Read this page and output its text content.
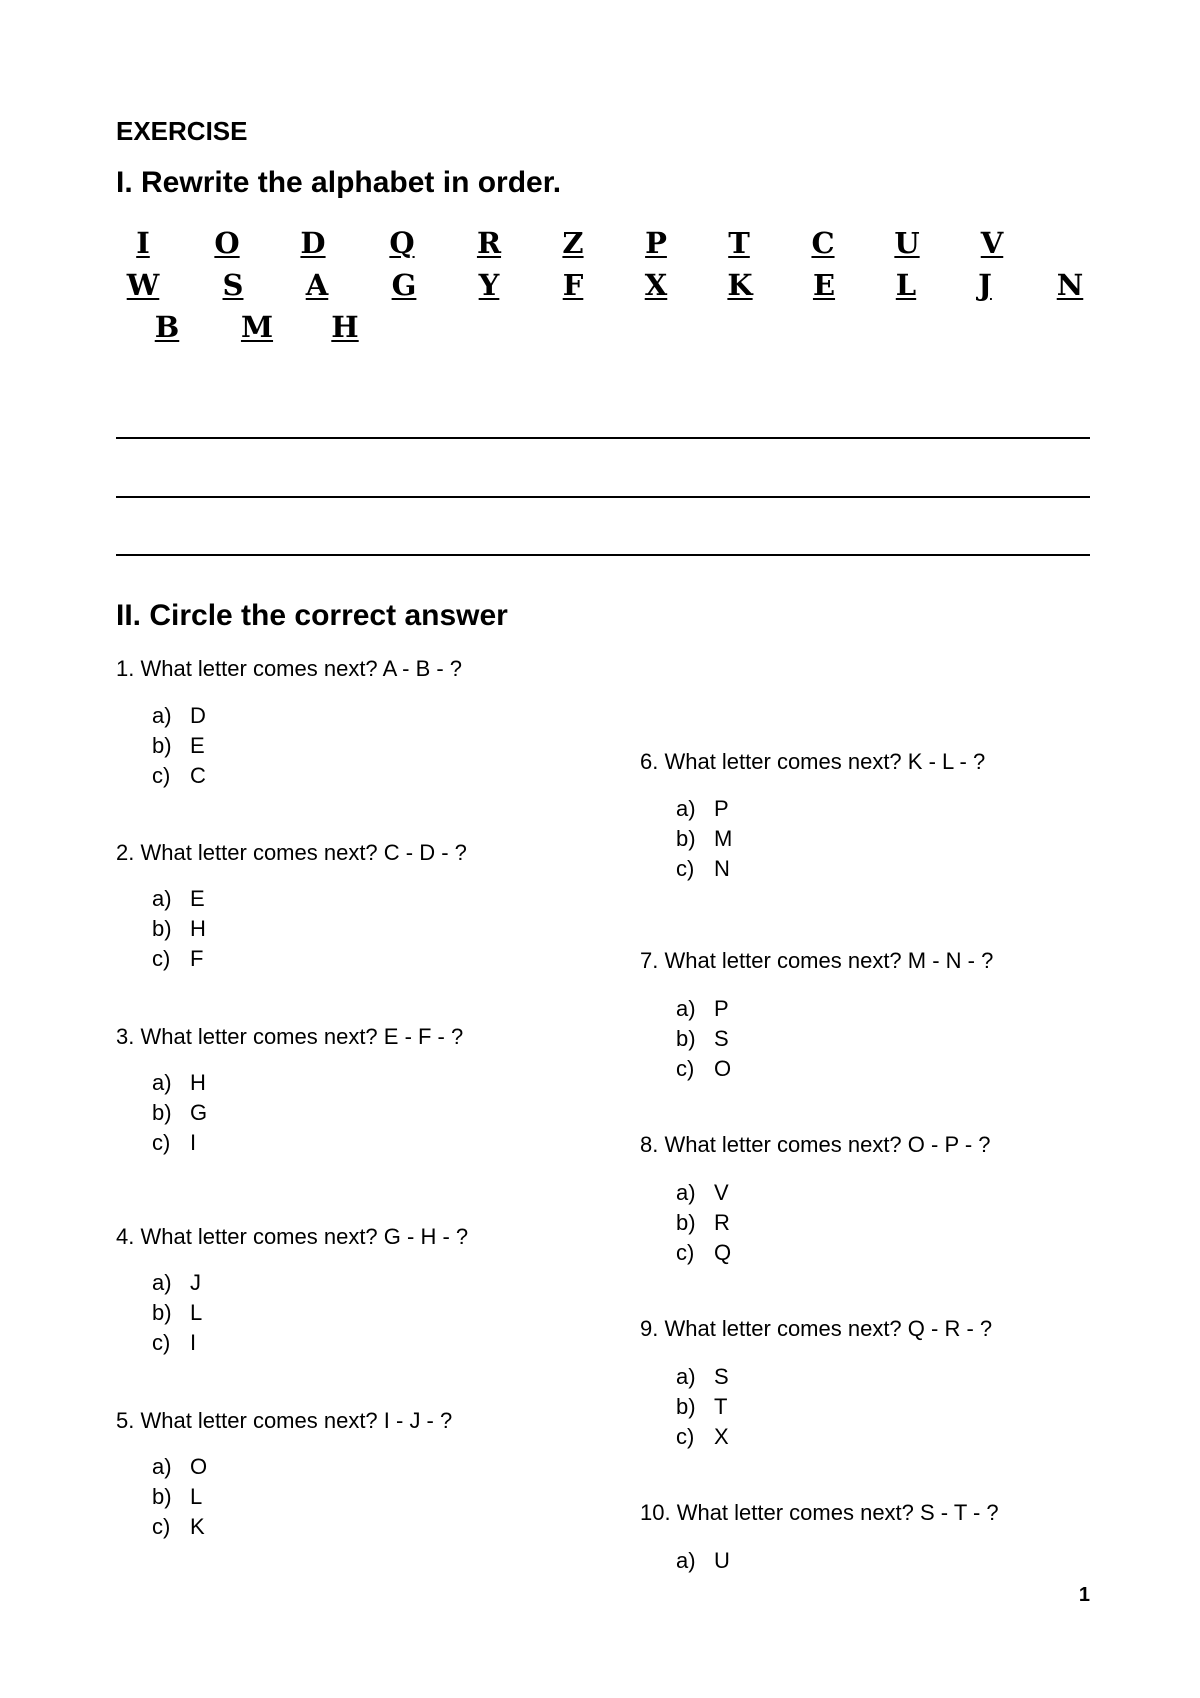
EXERCISE
I. Rewrite the alphabet in order.
I	O D Q R	Z	P	T	C U	V
W	S	A	G	Y	F	X	K	E	L	J	N
B M H
II. Circle the correct answer
1. What letter comes next? A - B - ?
a) D
b) E
c) C
2. What letter comes next? C - D - ?
a) E
b) H
c) F
3. What letter comes next? E - F - ?
a) H
b) G
c) I
4. What letter comes next? G - H - ?
a) J
b) L
c) I
5. What letter comes next? I - J - ?
a) O
b) L
c) K
6. What letter comes next? K - L - ?
a) P
b) M
c) N
7. What letter comes next? M - N - ?
a) P
b) S
c) O
8. What letter comes next? O - P - ?
a) V
b) R
c) Q
9. What letter comes next? Q - R - ?
a) S
b) T
c) X
10. What letter comes next? S - T - ?
a) U
1
